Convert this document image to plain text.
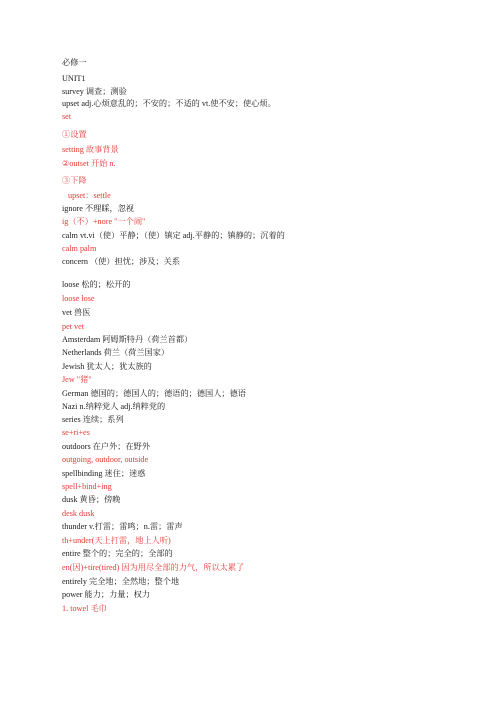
必修一
UNIT1
survey 调查；测验
upset adj.心烦意乱的；不安的；不适的 vt.使不安；使心烦。
set
①设置
setting 故事背景
②outset 开始 n.
③下降
upset：settle
ignore 不理睬，忽视
ig（不）+nore "一个闹"
calm vt.vi（使）平静；（使）镇定 adj.平静的；镇静的；沉着的
calm palm
concern （使）担忧；涉及；关系
loose 松的；松开的
loose lose
vet 兽医
pet vet
Amsterdam 阿姆斯特丹（荷兰首都）
Netherlands 荷兰（荷兰国家）
Jewish 犹太人；犹太族的
Jew "猪"
German 德国的；德国人的；德语的；德国人；德语
Nazi n.纳粹党人 adj.纳粹党的
series 连续；系列
se+ri+es
outdoors 在户外；在野外
outgoing, outdoor, outside
spellbinding 迷住；迷惑
spell+bind+ing
dusk 黄昏；傍晚
desk dusk
thunder v.打雷；雷鸣；n.雷；雷声
th+under(天上打雷，地上人听)
entire 整个的；完全的；全部的
en(因)+tire(tired) 因为用尽全部的力气，所以太累了
entirely 完全地；全然地；整个地
power 能力；力量；权力
1. towel 毛巾
